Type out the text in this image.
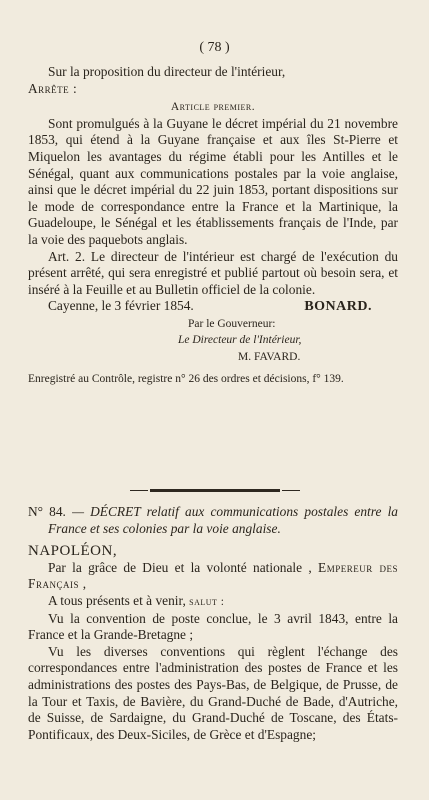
( 78 )

Sur la proposition du directeur de l'intérieur,

Arrête :

Article premier.

Sont promulgués à la Guyane le décret impérial du 21 novembre 1853, qui étend à la Guyane française et aux îles St-Pierre et Miquelon les avantages du régime établi pour les Antilles et le Sénégal, quant aux communications postales par la voie anglaise, ainsi que le décret impérial du 22 juin 1853, portant dispositions sur le mode de correspondance entre la France et la Martinique, la Guadeloupe, le Sénégal et les établissements français de l'Inde, par la voie des paquebots anglais.

Art. 2. Le directeur de l'intérieur est chargé de l'exécution du présent arrêté, qui sera enregistré et publié partout où besoin sera, et inséré à la Feuille et au Bulletin officiel de la colonie.

Cayenne, le 3 février 1854.	BONARD.

Par le Gouverneur:

Le Directeur de l'Intérieur,

M. FAVARD.

Enregistré au Contrôle, registre n° 26 des ordres et décisions, f° 139.

N° 84. — DÉCRET relatif aux communications postales entre la France et ses colonies par la voie anglaise.

NAPOLÉON,

Par la grâce de Dieu et la volonté nationale , Empereur des Français ,

A tous présents et à venir, salut :

Vu la convention de poste conclue, le 3 avril 1843, entre la France et la Grande-Bretagne ;

Vu les diverses conventions qui règlent l'échange des correspondances entre l'administration des postes de France et les administrations des postes des Pays-Bas, de Belgique, de Prusse, de la Tour et Taxis, de Bavière, du Grand-Duché de Bade, d'Autriche, de Suisse, de Sardaigne, du Grand-Duché de Toscane, des États-Pontificaux, des Deux-Siciles, de Grèce et d'Espagne;
